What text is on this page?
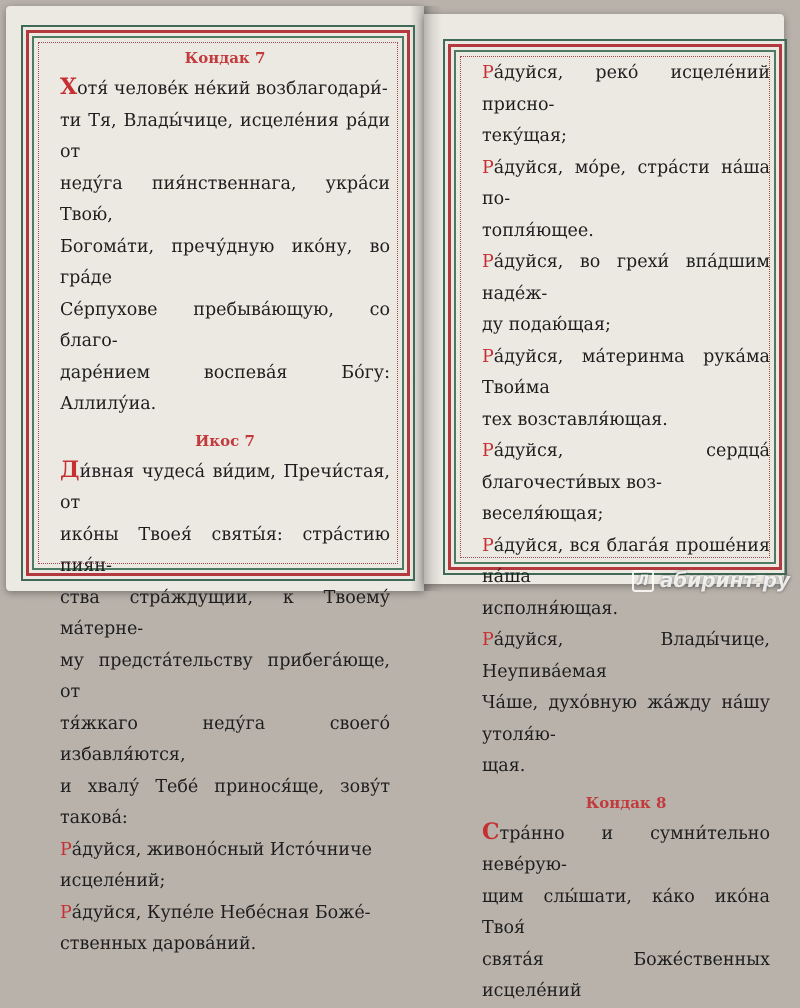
Кондак 7

Хотя́ челове́к не́кий возблагодари́-
ти Тя, Влады́чице, исцеле́ния ра́ди от
неду́га пия́нственнага, укра́си Твою́,
Богома́ти, пречу́дную ико́ну, во гра́де
Се́рпухове пребыва́ющую, со благо-
даре́нием воспева́я Бо́гу: Аллилу́иа.

Икос 7

Ди́вная чудеса́ ви́дим, Пречи́стая, от
ико́ны Твоея́ святы́я: стра́стию пия́н-
ства стра́ждущии, к Твоему́ ма́терне-
му предста́тельству прибега́юще, от
тя́жкаго неду́га своего́ избавля́ются,
и хвалу́ Тебе́ принося́ще, зову́т такова́:
Ра́дуйся, живоно́сный Исто́чниче
исцеле́ний;
Ра́дуйся, Купе́ле Небе́сная Боже́-
ственных дарова́ний.

Ра́дуйся, реко́ исцеле́ний присно-
теку́щая;
Ра́дуйся, мо́ре, стра́сти на́ша по-
топля́ющее.
Ра́дуйся, во грехи́ впа́дшим наде́ж-
ду подаю́щая;
Ра́дуйся, ма́теринма рука́ма Твои́ма
тех возставля́ющая.
Ра́дуйся, сердца́ благочести́вых воз-
веселя́ющая;
Ра́дуйся, вся блага́я проше́ния на́ша
исполня́ющая.
Ра́дуйся, Влады́чице, Неупива́емая
Ча́ше, духо́вную жа́жду на́шу утоля́ю-
щая.

Кондак 8

Стра́нно и сумни́тельно неве́рую-
щим слы́шати, ка́ко ико́на Твоя́
свята́я Боже́ственных исцеле́ний

Л абиринт.ру
